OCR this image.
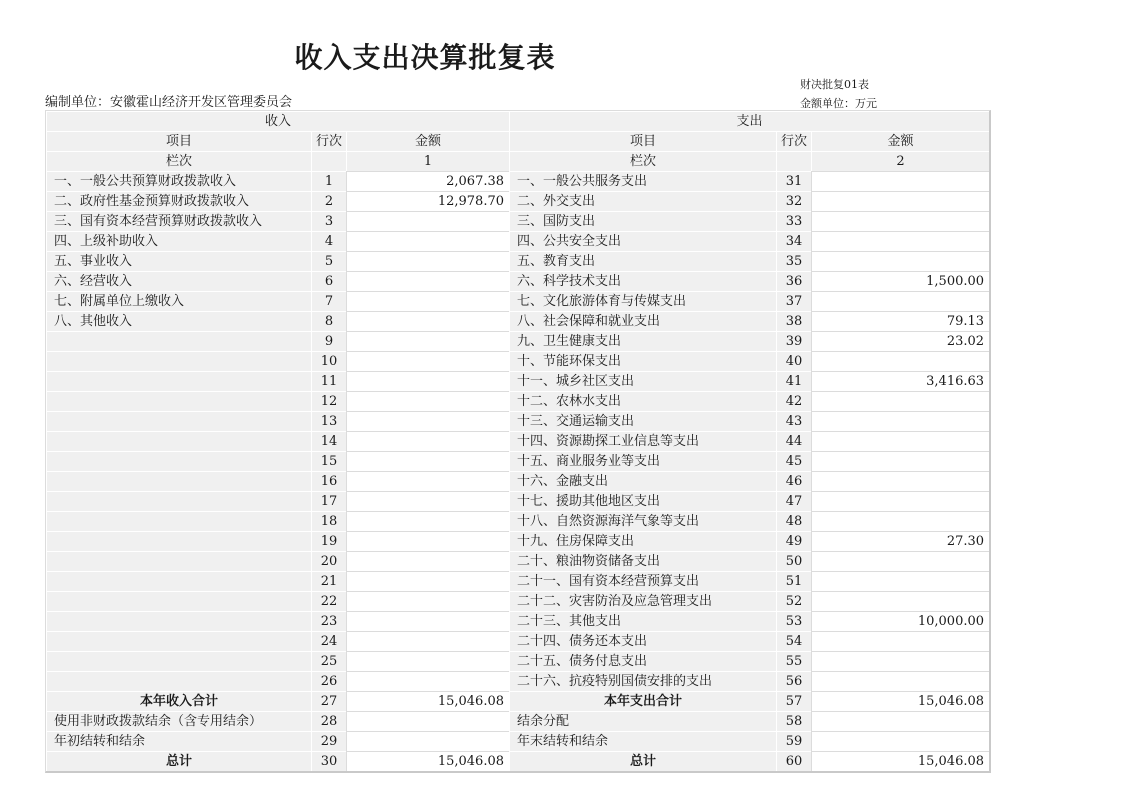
收入支出决算批复表
财决批复01表
编制单位：安徽霍山经济开发区管理委员会	金额单位：万元
收入			支出		
项目	行次	金额	项目	行次	金额
栏次		1	栏次		2
一、一般公共预算财政拨款收入	1	2,067.38	一、一般公共服务支出	31	
二、政府性基金预算财政拨款收入	2	12,978.70	二、外交支出	32	
三、国有资本经营预算财政拨款收入	3		三、国防支出	33	
四、上级补助收入	4		四、公共安全支出	34	
五、事业收入	5		五、教育支出	35	
六、经营收入	6		六、科学技术支出	36	1,500.00
七、附属单位上缴收入	7		七、文化旅游体育与传媒支出	37	
八、其他收入	8		八、社会保障和就业支出	38	79.13
	9		九、卫生健康支出	39	23.02
	10		十、节能环保支出	40	
	11		十一、城乡社区支出	41	3,416.63
	12		十二、农林水支出	42	
	13		十三、交通运输支出	43	
	14		十四、资源勘探工业信息等支出	44	
	15		十五、商业服务业等支出	45	
	16		十六、金融支出	46	
	17		十七、援助其他地区支出	47	
	18		十八、自然资源海洋气象等支出	48	
	19		十九、住房保障支出	49	27.30
	20		二十、粮油物资储备支出	50	
	21		二十一、国有资本经营预算支出	51	
	22		二十二、灾害防治及应急管理支出	52	
	23		二十三、其他支出	53	10,000.00
	24		二十四、债务还本支出	54	
	25		二十五、债务付息支出	55	
	26		二十六、抗疫特别国债安排的支出	56	
本年收入合计	27	15,046.08	本年支出合计	57	15,046.08
使用非财政拨款结余（含专用结余）	28		结余分配	58	
年初结转和结余	29		年末结转和结余	59	
总计	30	15,046.08	总计	60	15,046.08
